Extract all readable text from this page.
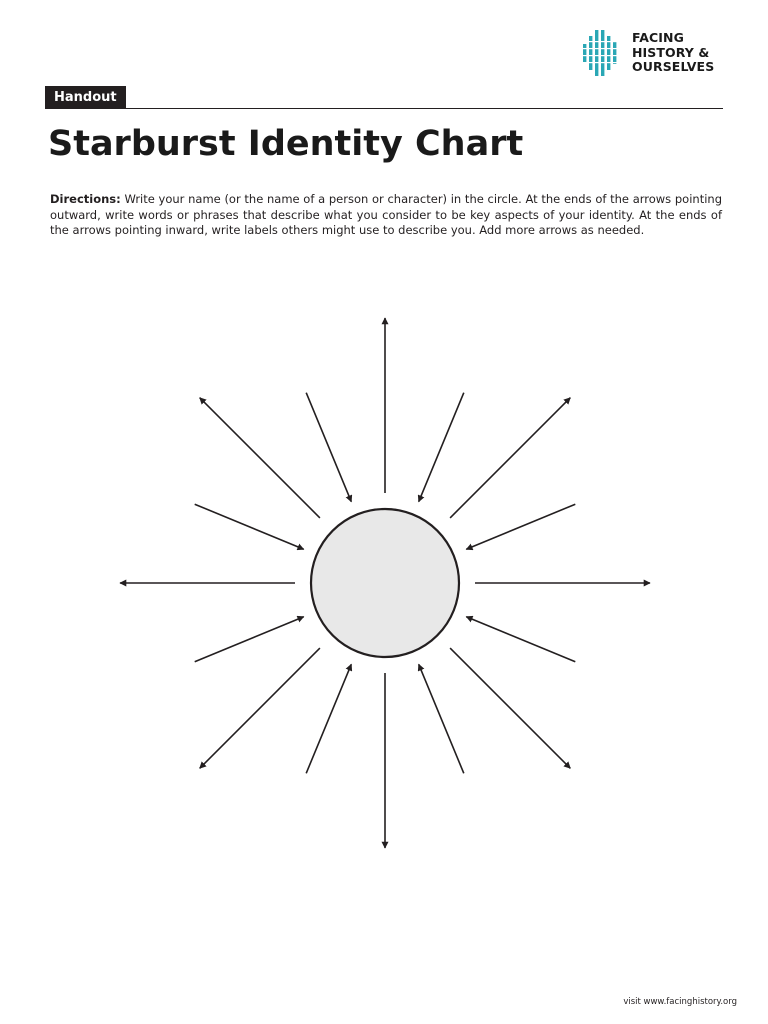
FACING
HISTORY &
OURSELVES
Handout
Starburst Identity Chart

Directions: Write your name (or the name of a person or character) in the circle. At the ends of the arrows pointing outward, write words or phrases that describe what you consider to be key aspects of your identity. At the ends of the arrows pointing inward, write labels others might use to describe you. Add more arrows as needed.

visit www.facinghistory.org
